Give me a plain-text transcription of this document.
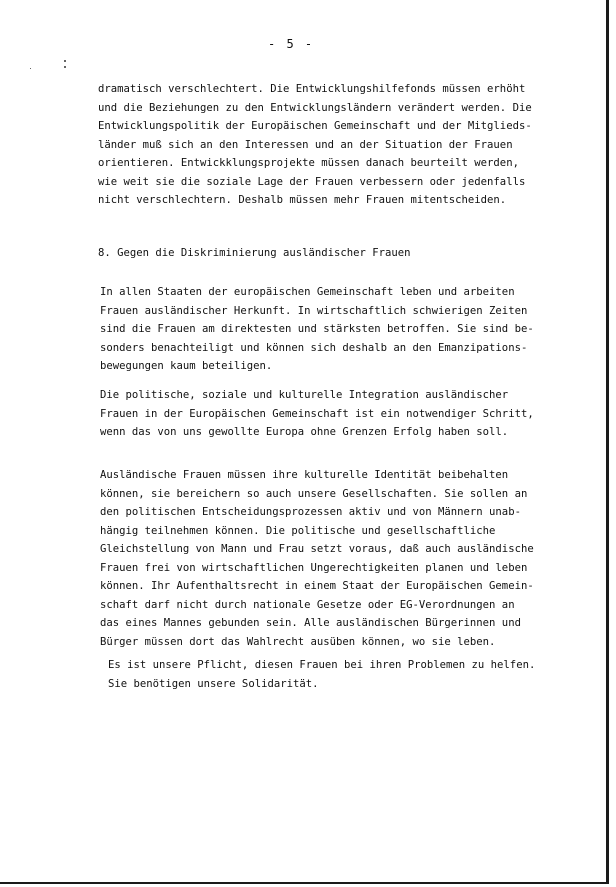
- 5 -
dramatisch verschlechtert. Die Entwicklungshilfefonds müssen erhöht
und die Beziehungen zu den Entwicklungsländern verändert werden. Die
Entwicklungspolitik der Europäischen Gemeinschaft und der Mitglieds-
länder muß sich an den Interessen und an der Situation der Frauen
orientieren. Entwickklungsprojekte müssen danach beurteilt werden,
wie weit sie die soziale Lage der Frauen verbessern oder jedenfalls
nicht verschlechtern. Deshalb müssen mehr Frauen mitentscheiden.
8. Gegen die Diskriminierung ausländischer Frauen
In allen Staaten der europäischen Gemeinschaft leben und arbeiten
Frauen ausländischer Herkunft. In wirtschaftlich schwierigen Zeiten
sind die Frauen am direktesten und stärksten betroffen. Sie sind be-
sonders benachteiligt und können sich deshalb an den Emanzipations-
bewegungen kaum beteiligen.
Die politische, soziale und kulturelle Integration ausländischer
Frauen in der Europäischen Gemeinschaft ist ein notwendiger Schritt,
wenn das von uns gewollte Europa ohne Grenzen Erfolg haben soll.
Ausländische Frauen müssen ihre kulturelle Identität beibehalten
können, sie bereichern so auch unsere Gesellschaften. Sie sollen an
den politischen Entscheidungsprozessen aktiv und von Männern unab-
hängig teilnehmen können. Die politische und gesellschaftliche
Gleichstellung von Mann und Frau setzt voraus, daß auch ausländische
Frauen frei von wirtschaftlichen Ungerechtigkeiten planen und leben
können. Ihr Aufenthaltsrecht in einem Staat der Europäischen Gemein-
schaft darf nicht durch nationale Gesetze oder EG-Verordnungen an
das eines Mannes gebunden sein. Alle ausländischen Bürgerinnen und
Bürger müssen dort das Wahlrecht ausüben können, wo sie leben.
Es ist unsere Pflicht, diesen Frauen bei ihren Problemen zu helfen.
Sie benötigen unsere Solidarität.
